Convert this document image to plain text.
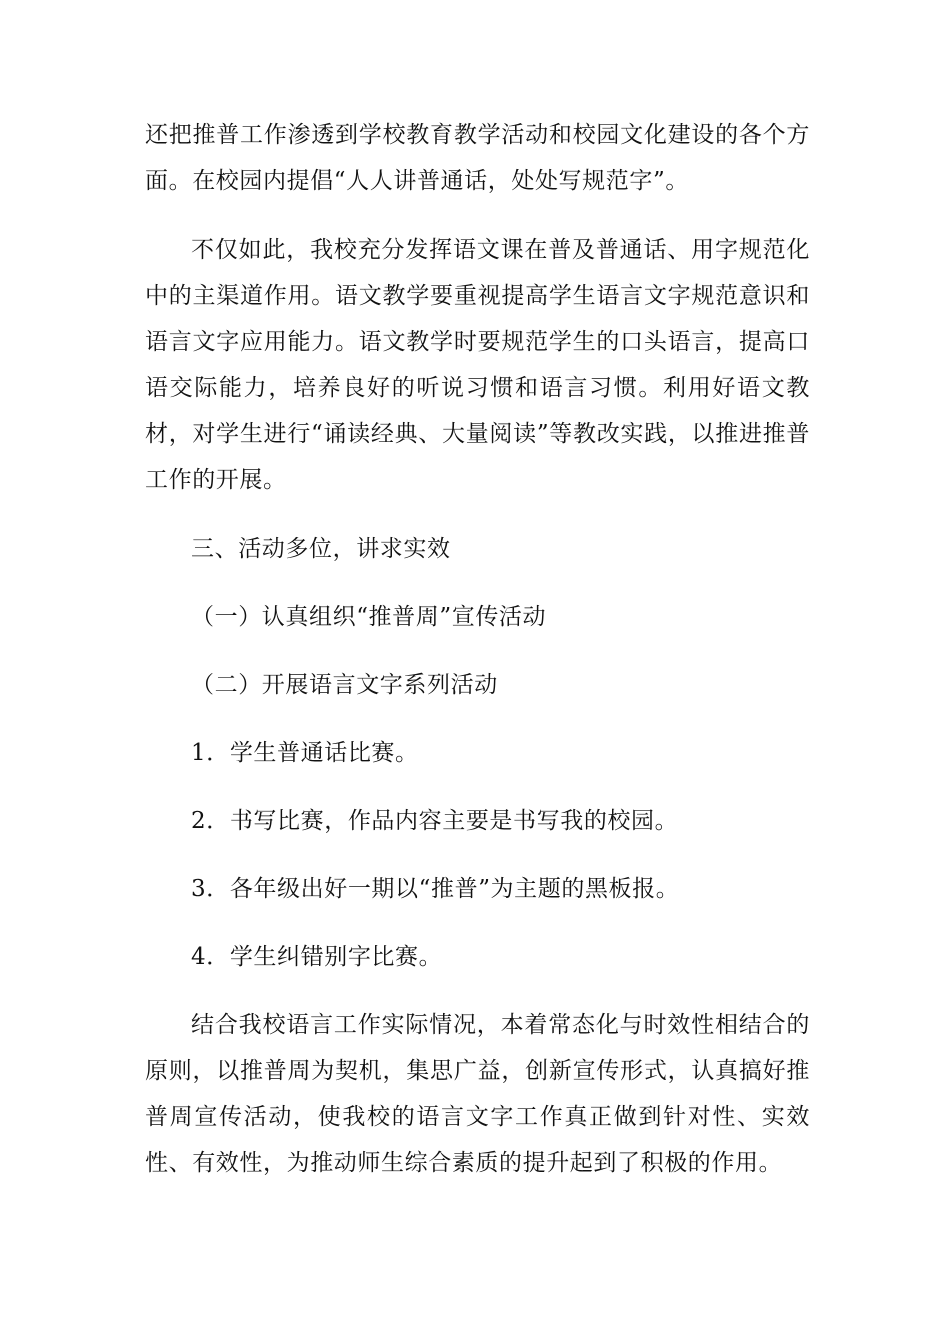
还把推普工作渗透到学校教育教学活动和校园文化建设的各个方面。在校园内提倡“人人讲普通话，处处写规范字”。

不仅如此，我校充分发挥语文课在普及普通话、用字规范化中的主渠道作用。语文教学要重视提高学生语言文字规范意识和语言文字应用能力。语文教学时要规范学生的口头语言，提高口语交际能力，培养良好的听说习惯和语言习惯。利用好语文教材，对学生进行“诵读经典、大量阅读”等教改实践，以推进推普工作的开展。

三、活动多位，讲求实效

（一）认真组织“推普周”宣传活动

（二）开展语言文字系列活动

1．学生普通话比赛。

2．书写比赛，作品内容主要是书写我的校园。

3．各年级出好一期以“推普”为主题的黑板报。

4．学生纠错别字比赛。

结合我校语言工作实际情况，本着常态化与时效性相结合的原则，以推普周为契机，集思广益，创新宣传形式，认真搞好推普周宣传活动，使我校的语言文字工作真正做到针对性、实效性、有效性，为推动师生综合素质的提升起到了积极的作用。
